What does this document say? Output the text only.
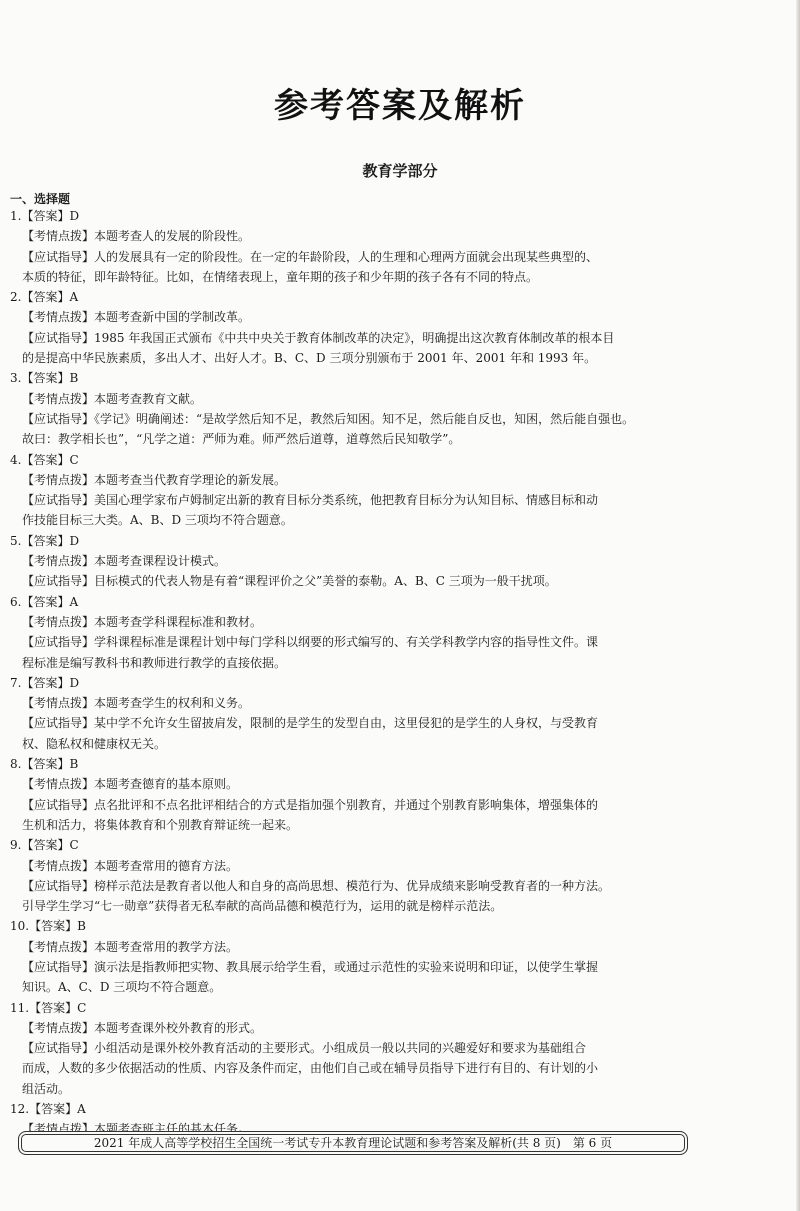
参考答案及解析
教育学部分
一、选择题
1.【答案】D
【考情点拨】本题考查人的发展的阶段性。
【应试指导】人的发展具有一定的阶段性。在一定的年龄阶段，人的生理和心理两方面就会出现某些典型的、
本质的特征，即年龄特征。比如，在情绪表现上，童年期的孩子和少年期的孩子各有不同的特点。
2.【答案】A
【考情点拨】本题考查新中国的学制改革。
【应试指导】1985 年我国正式颁布《中共中央关于教育体制改革的决定》，明确提出这次教育体制改革的根本目
的是提高中华民族素质，多出人才、出好人才。B、C、D 三项分别颁布于 2001 年、2001 年和 1993 年。
3.【答案】B
【考情点拨】本题考查教育文献。
【应试指导】《学记》明确阐述：“是故学然后知不足，教然后知困。知不足，然后能自反也，知困，然后能自强也。
故曰：教学相长也”，“凡学之道：严师为难。师严然后道尊，道尊然后民知敬学”。
4.【答案】C
【考情点拨】本题考查当代教育学理论的新发展。
【应试指导】美国心理学家布卢姆制定出新的教育目标分类系统，他把教育目标分为认知目标、情感目标和动
作技能目标三大类。A、B、D 三项均不符合题意。
5.【答案】D
【考情点拨】本题考查课程设计模式。
【应试指导】目标模式的代表人物是有着“课程评价之父”美誉的泰勒。A、B、C 三项为一般干扰项。
6.【答案】A
【考情点拨】本题考查学科课程标准和教材。
【应试指导】学科课程标准是课程计划中每门学科以纲要的形式编写的、有关学科教学内容的指导性文件。课
程标准是编写教科书和教师进行教学的直接依据。
7.【答案】D
【考情点拨】本题考查学生的权利和义务。
【应试指导】某中学不允许女生留披肩发，限制的是学生的发型自由，这里侵犯的是学生的人身权，与受教育
权、隐私权和健康权无关。
8.【答案】B
【考情点拨】本题考查德育的基本原则。
【应试指导】点名批评和不点名批评相结合的方式是指加强个别教育，并通过个别教育影响集体，增强集体的
生机和活力，将集体教育和个别教育辩证统一起来。
9.【答案】C
【考情点拨】本题考查常用的德育方法。
【应试指导】榜样示范法是教育者以他人和自身的高尚思想、模范行为、优异成绩来影响受教育者的一种方法。
引导学生学习“七一勋章”获得者无私奉献的高尚品德和模范行为，运用的就是榜样示范法。
10.【答案】B
【考情点拨】本题考查常用的教学方法。
【应试指导】演示法是指教师把实物、教具展示给学生看，或通过示范性的实验来说明和印证，以使学生掌握
知识。A、C、D 三项均不符合题意。
11.【答案】C
【考情点拨】本题考查课外校外教育的形式。
【应试指导】小组活动是课外校外教育活动的主要形式。小组成员一般以共同的兴趣爱好和要求为基础组合
而成，人数的多少依据活动的性质、内容及条件而定，由他们自己或在辅导员指导下进行有目的、有计划的小
组活动。
12.【答案】A
【考情点拨】本题考查班主任的基本任务。
2021 年成人高等学校招生全国统一考试专升本教育理论试题和参考答案及解析(共 8 页)　第 6 页
